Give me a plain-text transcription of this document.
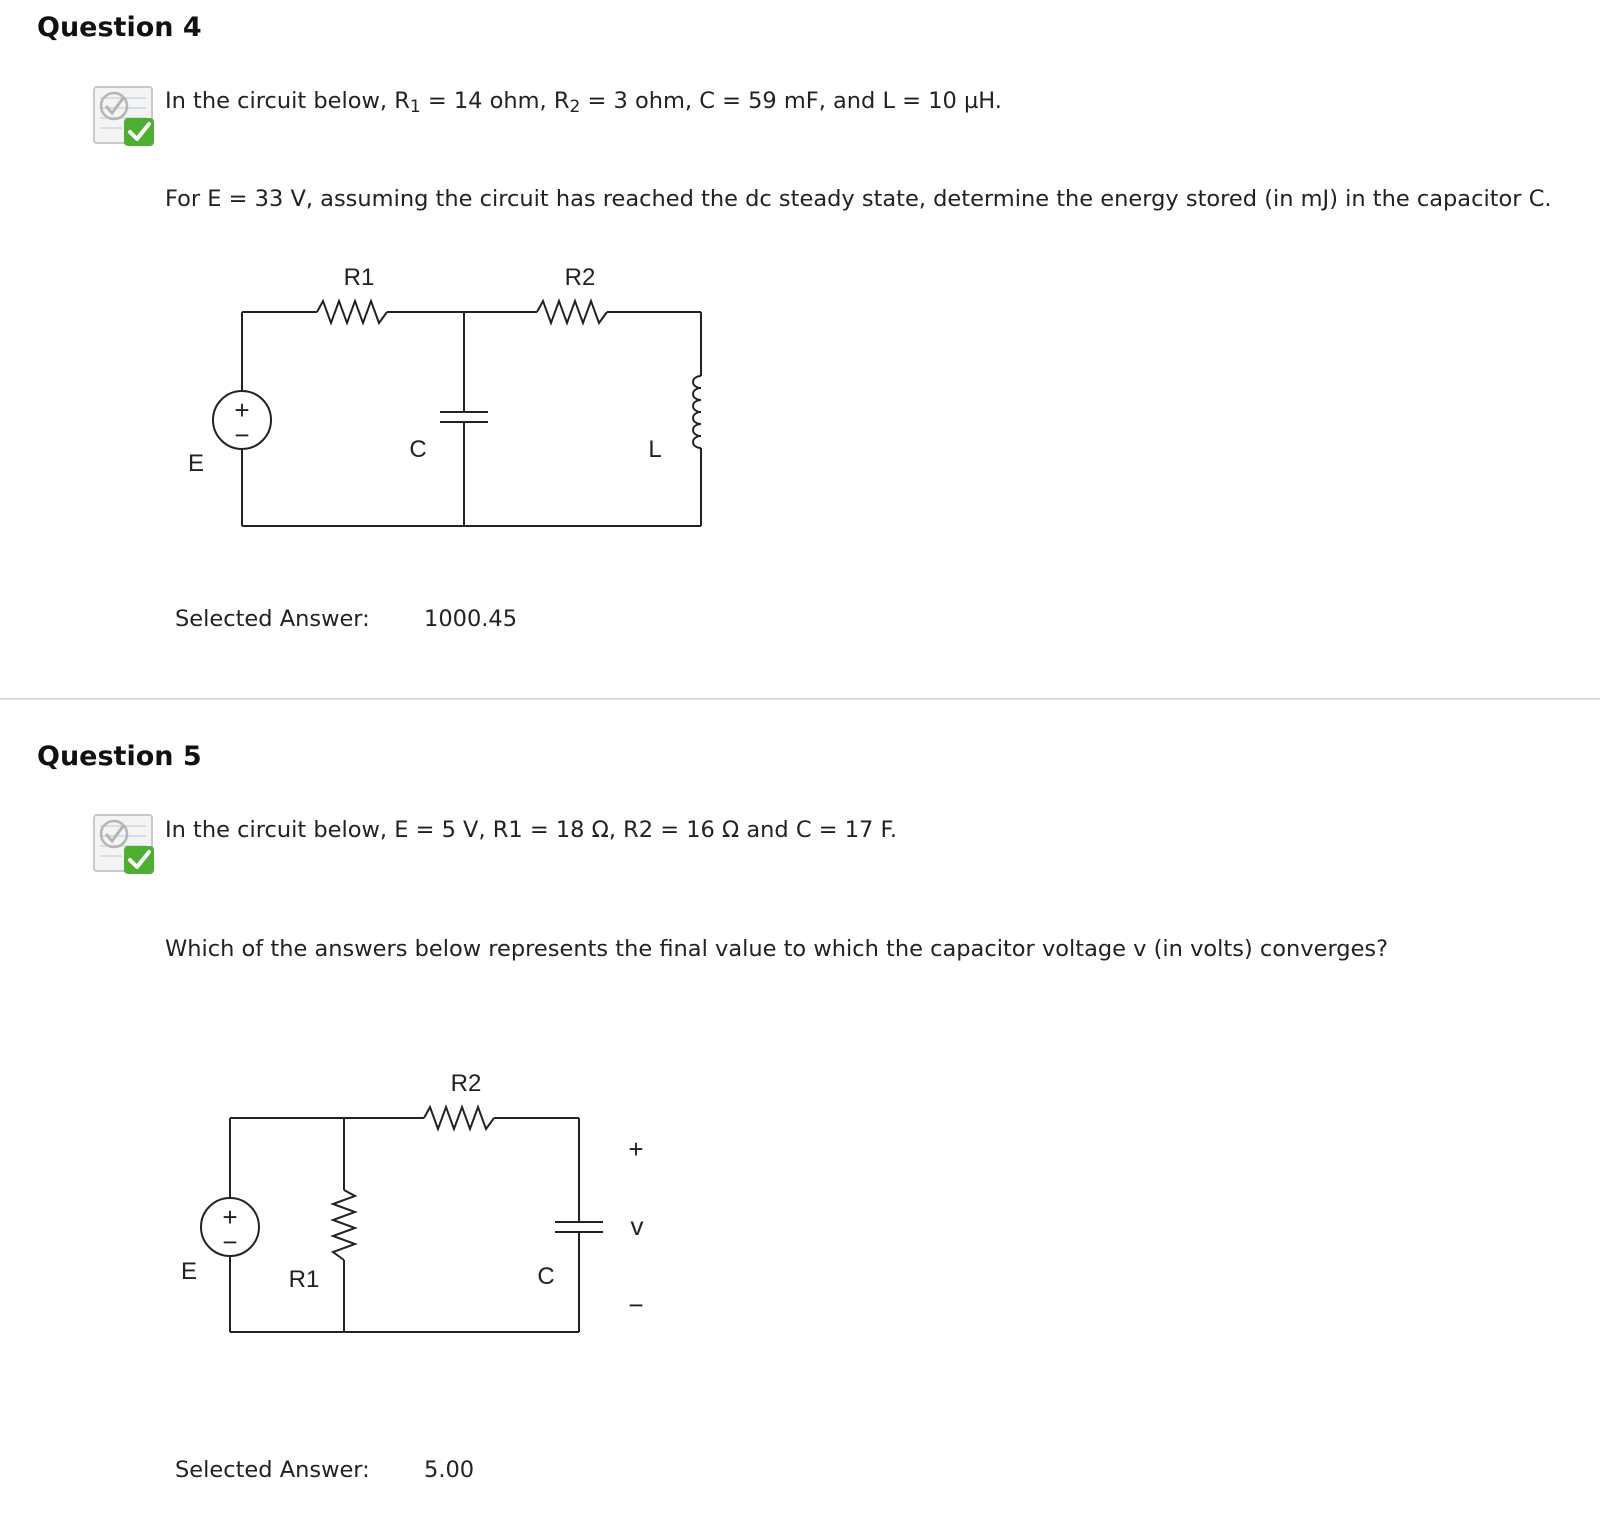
Question 4
In the circuit below, $R_1 = 14$ ohm, $R_2 = 3$ ohm, C = 59 mF, and L = 10 µH.
For E = 33 V, assuming the circuit has reached the dc steady state, determine the energy stored (in mJ) in the capacitor C.
R1	R2
+
−
E
C	L
Selected Answer: 1000.45
Question 5
In the circuit below, E = 5 V, R1 = 18 Ω, R2 = 16 Ω and C = 17 F.
Which of the answers below represents the final value to which the capacitor voltage v (in volts) converges?
R2
+
−
E	R1	C
+
v
−
Selected Answer: 5.00
